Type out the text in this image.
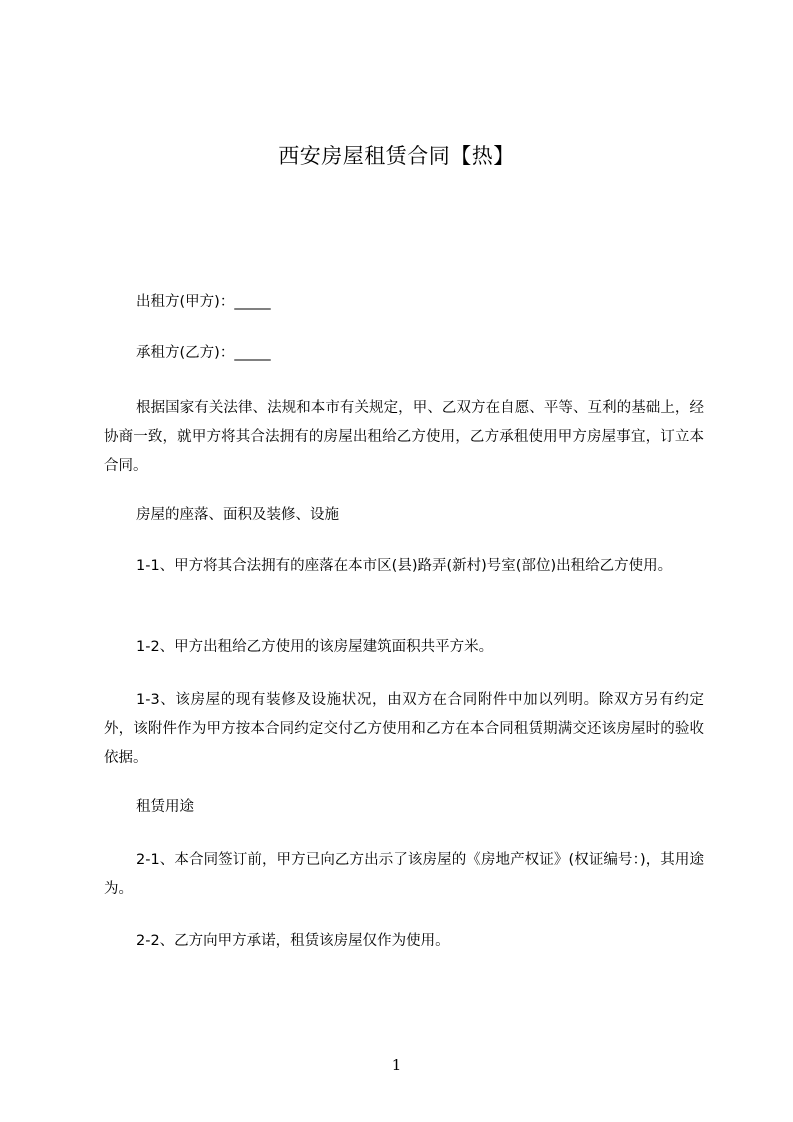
西安房屋租赁合同【热】
出租方(甲方)：_____
承租方(乙方)：_____
根据国家有关法律、法规和本市有关规定，甲、乙双方在自愿、平等、互利的基础上，经协商一致，就甲方将其合法拥有的房屋出租给乙方使用，乙方承租使用甲方房屋事宜，订立本合同。
房屋的座落、面积及装修、设施
1-1、甲方将其合法拥有的座落在本市区(县)路弄(新村)号室(部位)出租给乙方使用。
1-2、甲方出租给乙方使用的该房屋建筑面积共平方米。
1-3、该房屋的现有装修及设施状况，由双方在合同附件中加以列明。除双方另有约定外，该附件作为甲方按本合同约定交付乙方使用和乙方在本合同租赁期满交还该房屋时的验收依据。
租赁用途
2-1、本合同签订前，甲方已向乙方出示了该房屋的《房地产权证》(权证编号：)，其用途为。
2-2、乙方向甲方承诺，租赁该房屋仅作为使用。
1
